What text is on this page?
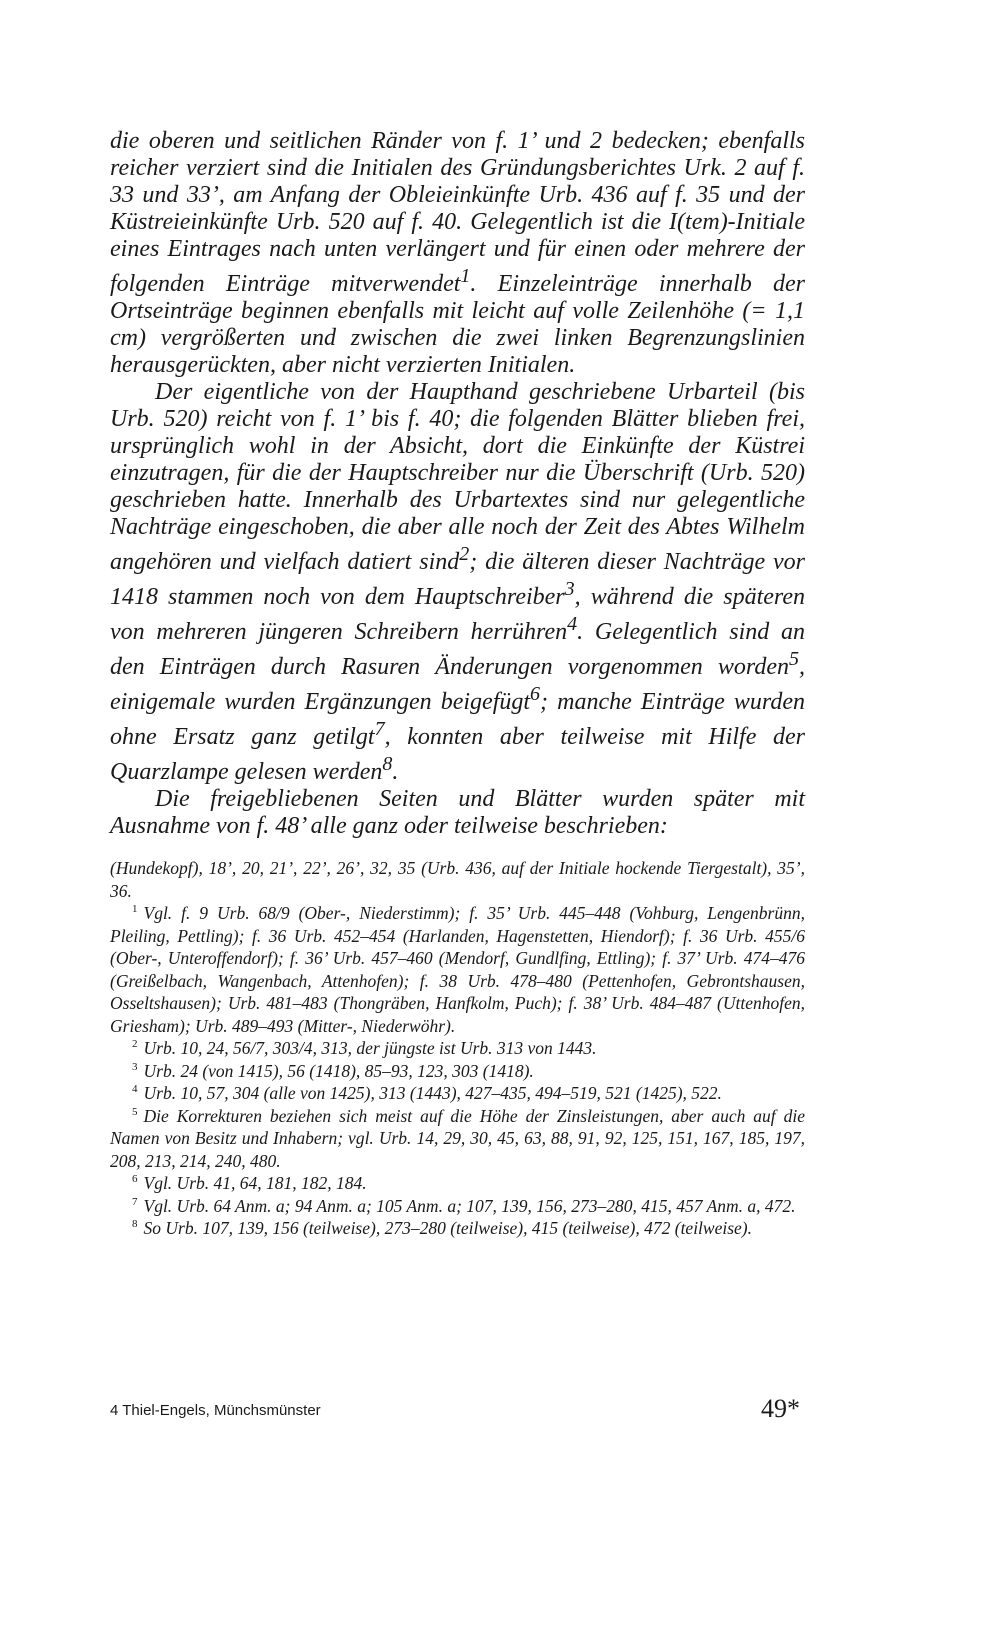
die oberen und seitlichen Ränder von f. 1’ und 2 bedecken; ebenfalls reicher verziert sind die Initialen des Gründungsberichtes Urk. 2 auf f. 33 und 33’, am Anfang der Obleieinkünfte Urb. 436 auf f. 35 und der Küstreieinkünfte Urb. 520 auf f. 40. Gelegentlich ist die I(tem)-Initiale eines Eintrages nach unten verlängert und für einen oder mehrere der folgenden Einträge mitverwendet$^1$. Einzeleinträge innerhalb der Ortseinträge beginnen ebenfalls mit leicht auf volle Zeilenhöhe (= 1,1 cm) vergrößerten und zwischen die zwei linken Begrenzungslinien herausgerückten, aber nicht verzierten Initialen.

Der eigentliche von der Haupthand geschriebene Urbarteil (bis Urb. 520) reicht von f. 1’ bis f. 40; die folgenden Blätter blieben frei, ursprünglich wohl in der Absicht, dort die Einkünfte der Küstrei einzutragen, für die der Hauptschreiber nur die Überschrift (Urb. 520) geschrieben hatte. Innerhalb des Urbartextes sind nur gelegentliche Nachträge eingeschoben, die aber alle noch der Zeit des Abtes Wilhelm angehören und vielfach datiert sind$^2$; die älteren dieser Nachträge vor 1418 stammen noch von dem Hauptschreiber$^3$, während die späteren von mehreren jüngeren Schreibern herrühren$^4$. Gelegentlich sind an den Einträgen durch Rasuren Änderungen vorgenommen worden$^5$, einigemale wurden Ergänzungen beigefügt$^6$; manche Einträge wurden ohne Ersatz ganz getilgt$^7$, konnten aber teilweise mit Hilfe der Quarzlampe gelesen werden$^8$.

Die freigebliebenen Seiten und Blätter wurden später mit Ausnahme von f. 48’ alle ganz oder teilweise beschrieben:

(Hundekopf), 18’, 20, 21’, 22’, 26’, 32, 35 (Urb. 436, auf der Initiale hockende Tiergestalt), 35’, 36.

$^1$ Vgl. f. 9 Urb. 68/9 (Ober-, Niederstimm); f. 35’ Urb. 445–448 (Vohburg, Lengenbrünn, Pleiling, Pettling); f. 36 Urb. 452–454 (Harlanden, Hagenstetten, Hiendorf); f. 36 Urb. 455/6 (Ober-, Unteroffendorf); f. 36’ Urb. 457–460 (Mendorf, Gundlfing, Ettling); f. 37’ Urb. 474–476 (Greißelbach, Wangenbach, Attenhofen); f. 38 Urb. 478–480 (Pettenhofen, Gebrontshausen, Osseltshausen); Urb. 481–483 (Thongräben, Hanfkolm, Puch); f. 38’ Urb. 484–487 (Uttenhofen, Griesham); Urb. 489–493 (Mitter-, Niederwöhr).

$^2$ Urb. 10, 24, 56/7, 303/4, 313, der jüngste ist Urb. 313 von 1443.

$^3$ Urb. 24 (von 1415), 56 (1418), 85–93, 123, 303 (1418).

$^4$ Urb. 10, 57, 304 (alle von 1425), 313 (1443), 427–435, 494–519, 521 (1425), 522.

$^5$ Die Korrekturen beziehen sich meist auf die Höhe der Zinsleistungen, aber auch auf die Namen von Besitz und Inhabern; vgl. Urb. 14, 29, 30, 45, 63, 88, 91, 92, 125, 151, 167, 185, 197, 208, 213, 214, 240, 480.

$^6$ Vgl. Urb. 41, 64, 181, 182, 184.

$^7$ Vgl. Urb. 64 Anm. a; 94 Anm. a; 105 Anm. a; 107, 139, 156, 273–280, 415, 457 Anm. a, 472.

$^8$ So Urb. 107, 139, 156 (teilweise), 273–280 (teilweise), 415 (teilweise), 472 (teilweise).

4 Thiel-Engels, Münchsmünster	49*
